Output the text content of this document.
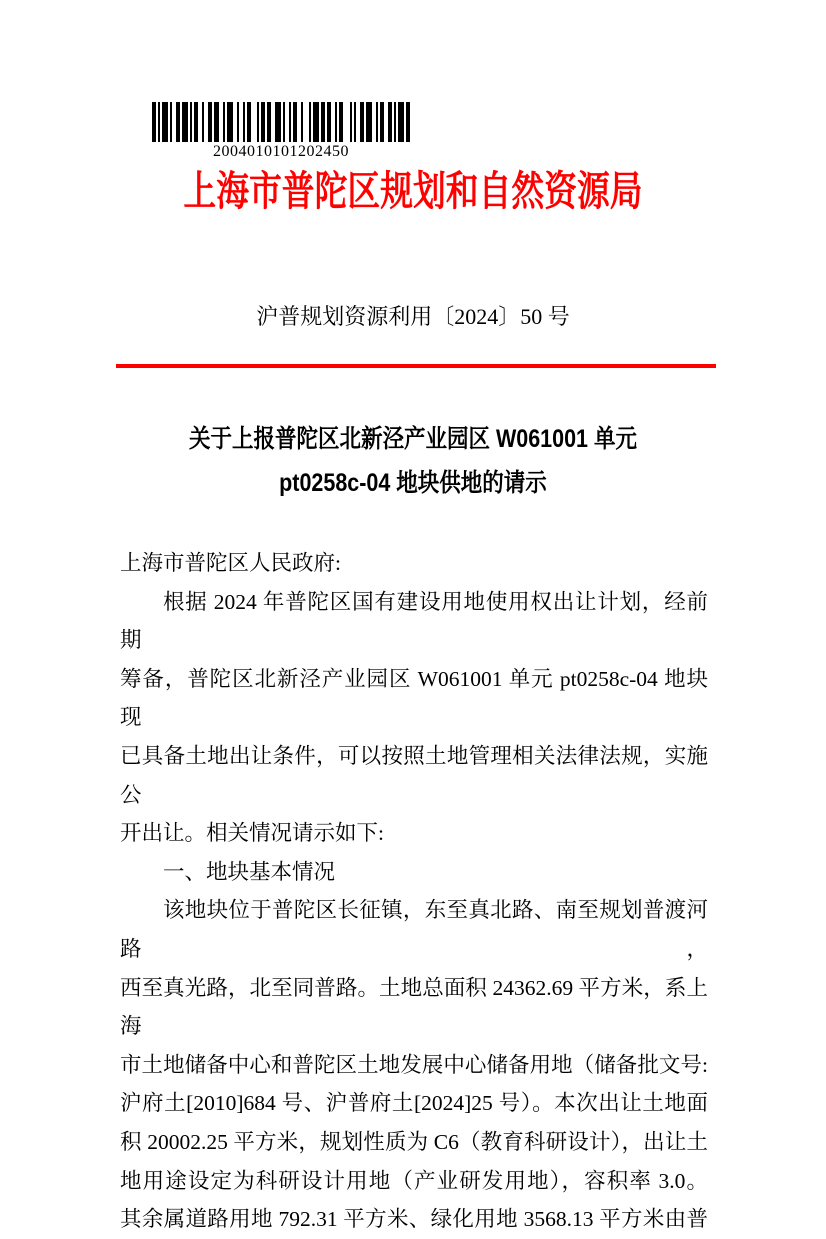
2004010101202450
上海市普陀区规划和自然资源局
沪普规划资源利用〔2024〕50 号
关于上报普陀区北新泾产业园区 W061001 单元
pt0258c-04 地块供地的请示
上海市普陀区人民政府:
根据 2024 年普陀区国有建设用地使用权出让计划，经前期
筹备，普陀区北新泾产业园区 W061001 单元 pt0258c-04 地块现
已具备土地出让条件，可以按照土地管理相关法律法规，实施公
开出让。相关情况请示如下:
一、地块基本情况
该地块位于普陀区长征镇，东至真北路、南至规划普渡河路，
西至真光路，北至同普路。土地总面积 24362.69 平方米，系上海
市土地储备中心和普陀区土地发展中心储备用地（储备批文号:
沪府土[2010]684 号、沪普府土[2024]25 号）。本次出让土地面
积 20002.25 平方米，规划性质为 C6（教育科研设计），出让土
地用途设定为科研设计用地（产业研发用地），容积率 3.0。
其余属道路用地 792.31 平方米、绿化用地 3568.13 平方米由普
